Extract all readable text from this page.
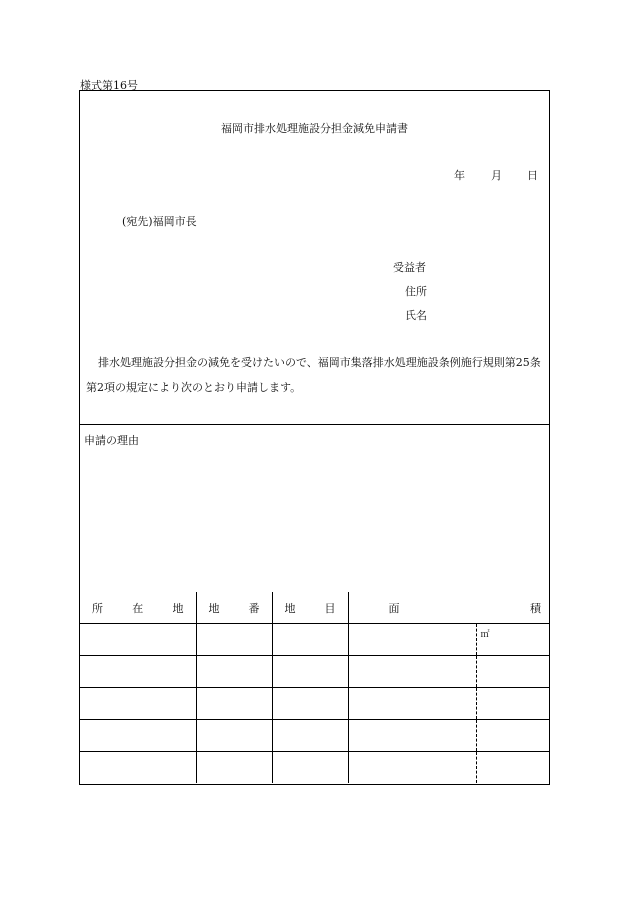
様式第16号
福岡市排水処理施設分担金減免申請書
年 月 日
(宛先)福岡市長
受益者
住所
氏名
排水処理施設分担金の減免を受けたいので、福岡市集落排水処理施設条例施行規則第25条第2項の規定により次のとおり申請します。
申請の理由
所 在 地	地 番	地 目	面 積	

				㎡
